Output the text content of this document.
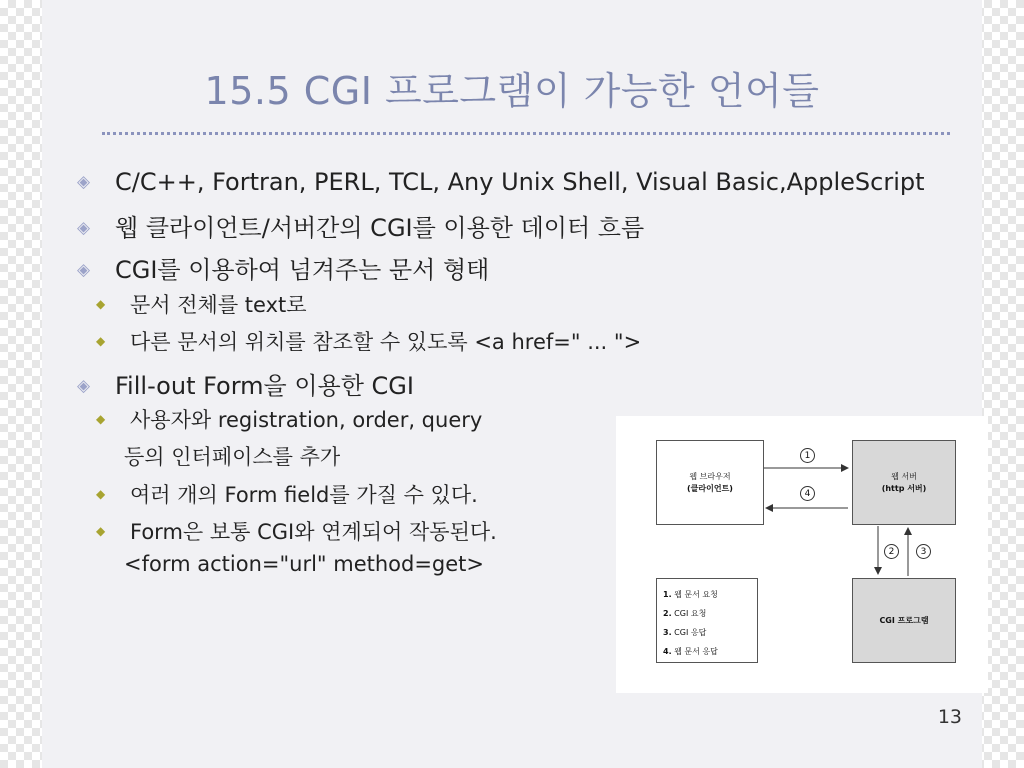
15.5 CGI 프로그램이 가능한 언어들
◈ C/C++, Fortran, PERL, TCL, Any Unix Shell, Visual Basic,AppleScript
◈ 웹 클라이언트/서버간의 CGI를 이용한 데이터 흐름
◈ CGI를 이용하여 넘겨주는 문서 형태
◆ 문서 전체를 text로
◆ 다른 문서의 위치를 참조할 수 있도록 <a href=" ... ">
◈ Fill-out Form을 이용한 CGI
◆ 사용자와 registration, order, query
등의 인터페이스를 추가
◆ 여러 개의 Form field를 가질 수 있다.
◆ Form은 보통 CGI와 연계되어 작동된다.
<form action="url" method=get>
웹 브라우저
(클라이언트)
웹 서버
(http 서버)
CGI 프로그램
1. 웹 문서 요청
2. CGI 요청
3. CGI 응답
4. 웹 문서 응답
1
4
2	3
13
